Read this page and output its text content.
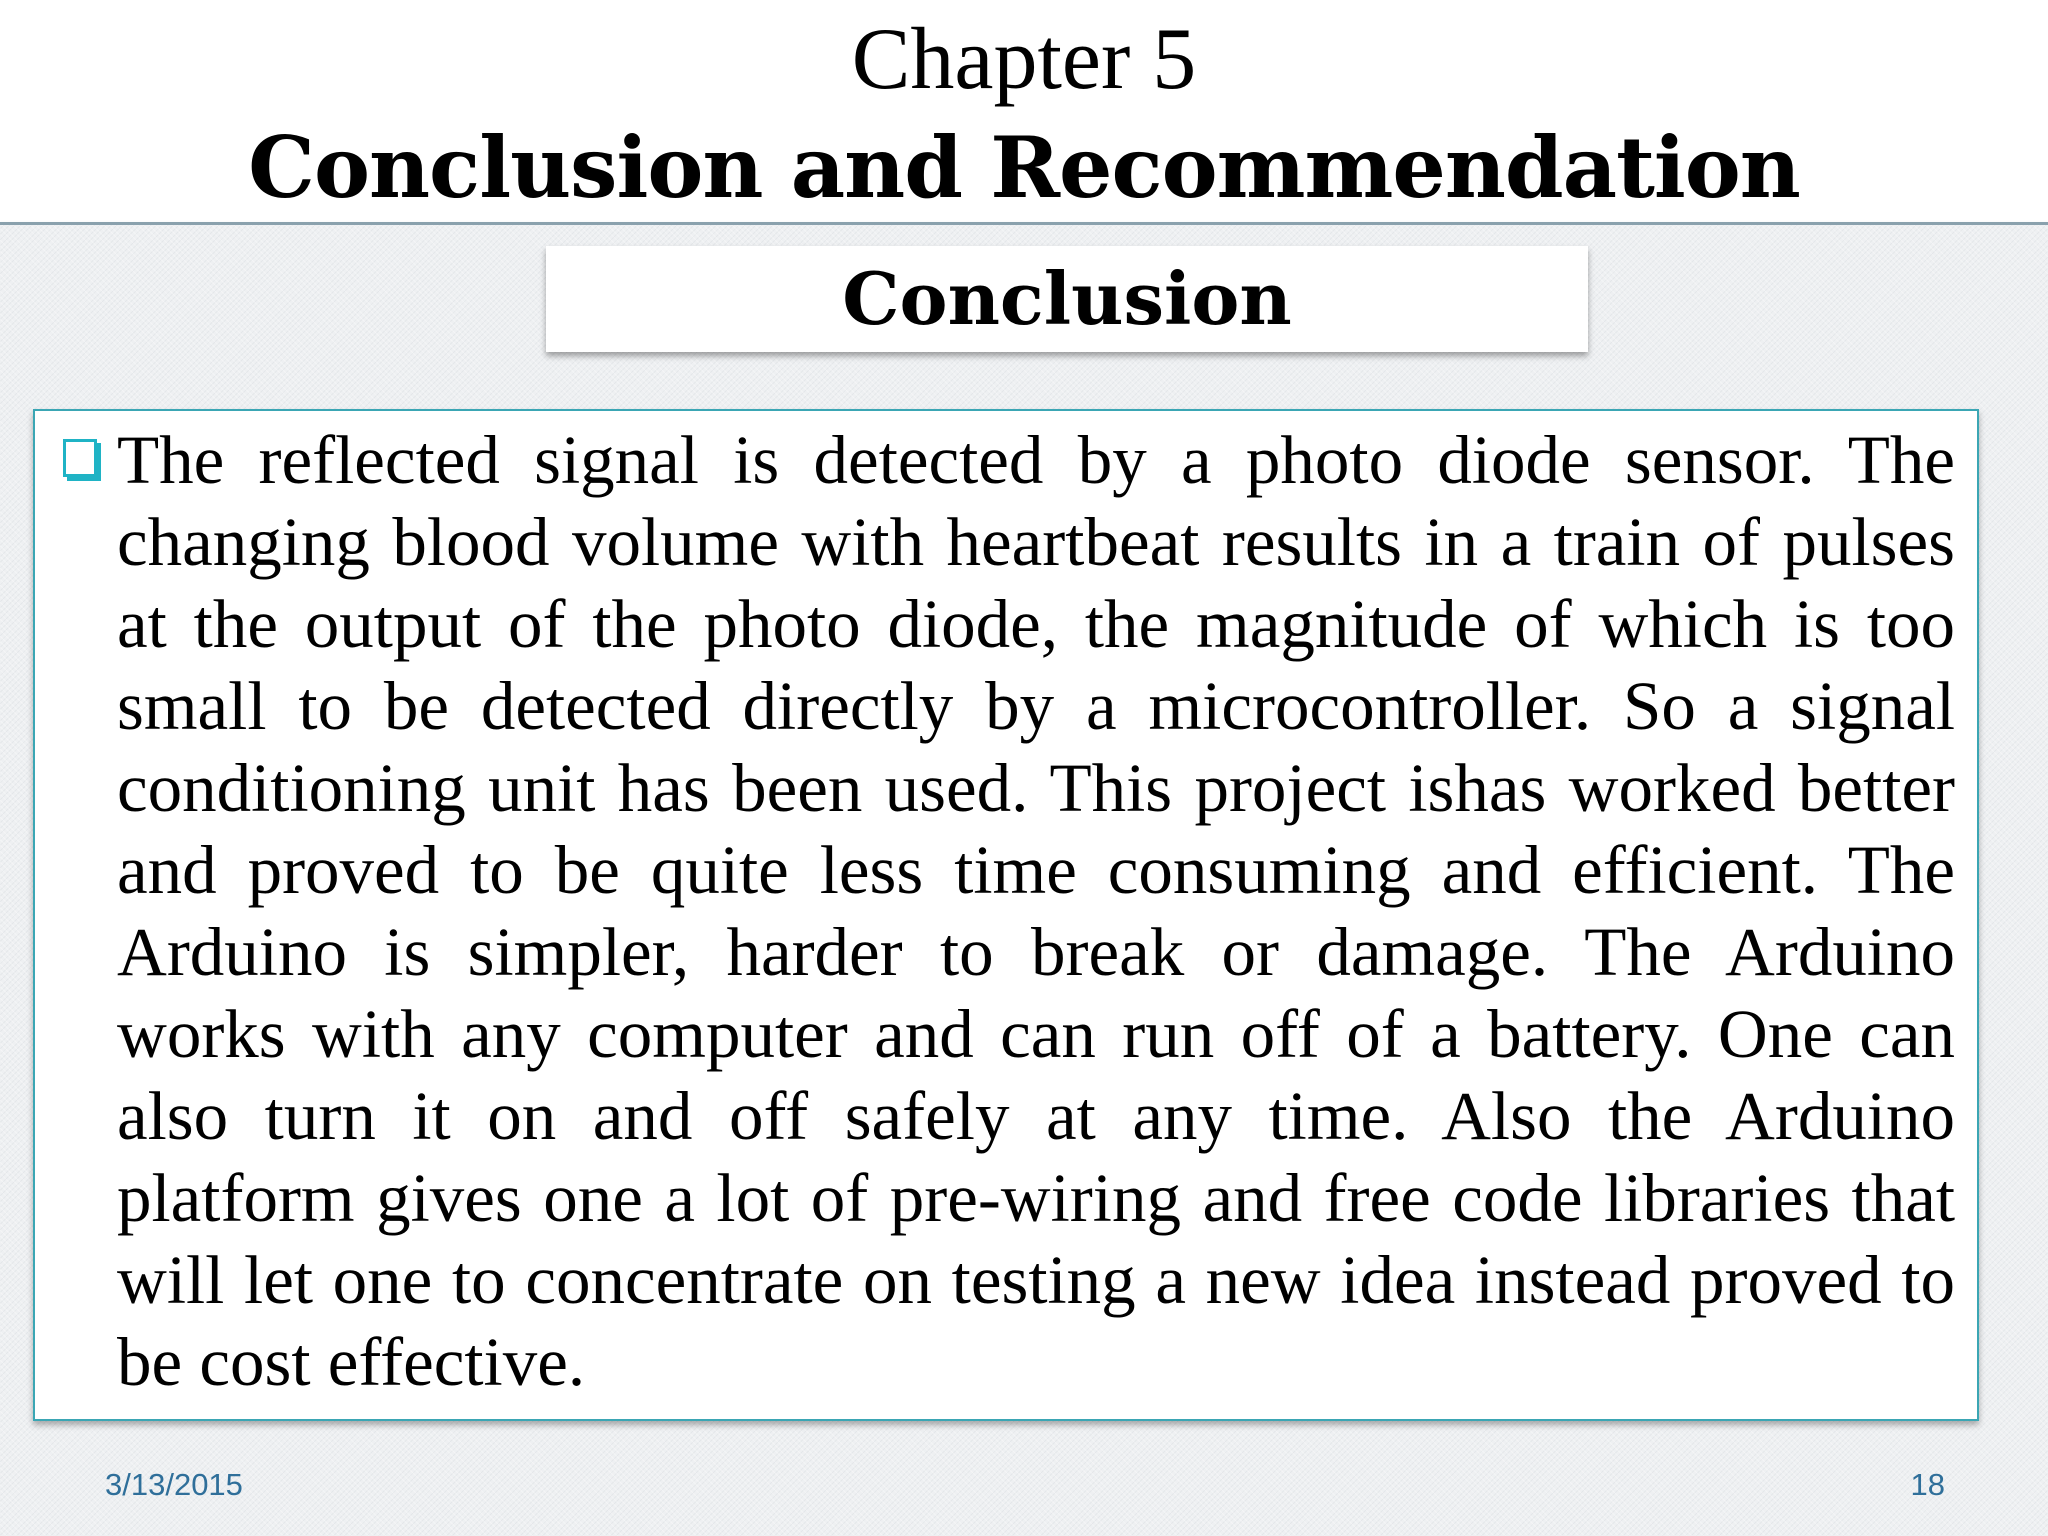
Chapter 5
Conclusion and Recommendation
Conclusion

The reflected signal is detected by a photo diode sensor. The changing blood volume with heartbeat results in a train of pulses at the output of the photo diode, the magnitude of which is too small to be detected directly by a microcontroller. So a signal conditioning unit has been used. This project ishas worked better and proved to be quite less time consuming and efficient. The Arduino is simpler, harder to break or damage. The Arduino works with any computer and can run off of a battery. One can also turn it on and off safely at any time. Also the Arduino platform gives one a lot of pre-wiring and free code libraries that will let one to concentrate on testing a new idea instead proved to be cost effective.

3/13/2015	18
